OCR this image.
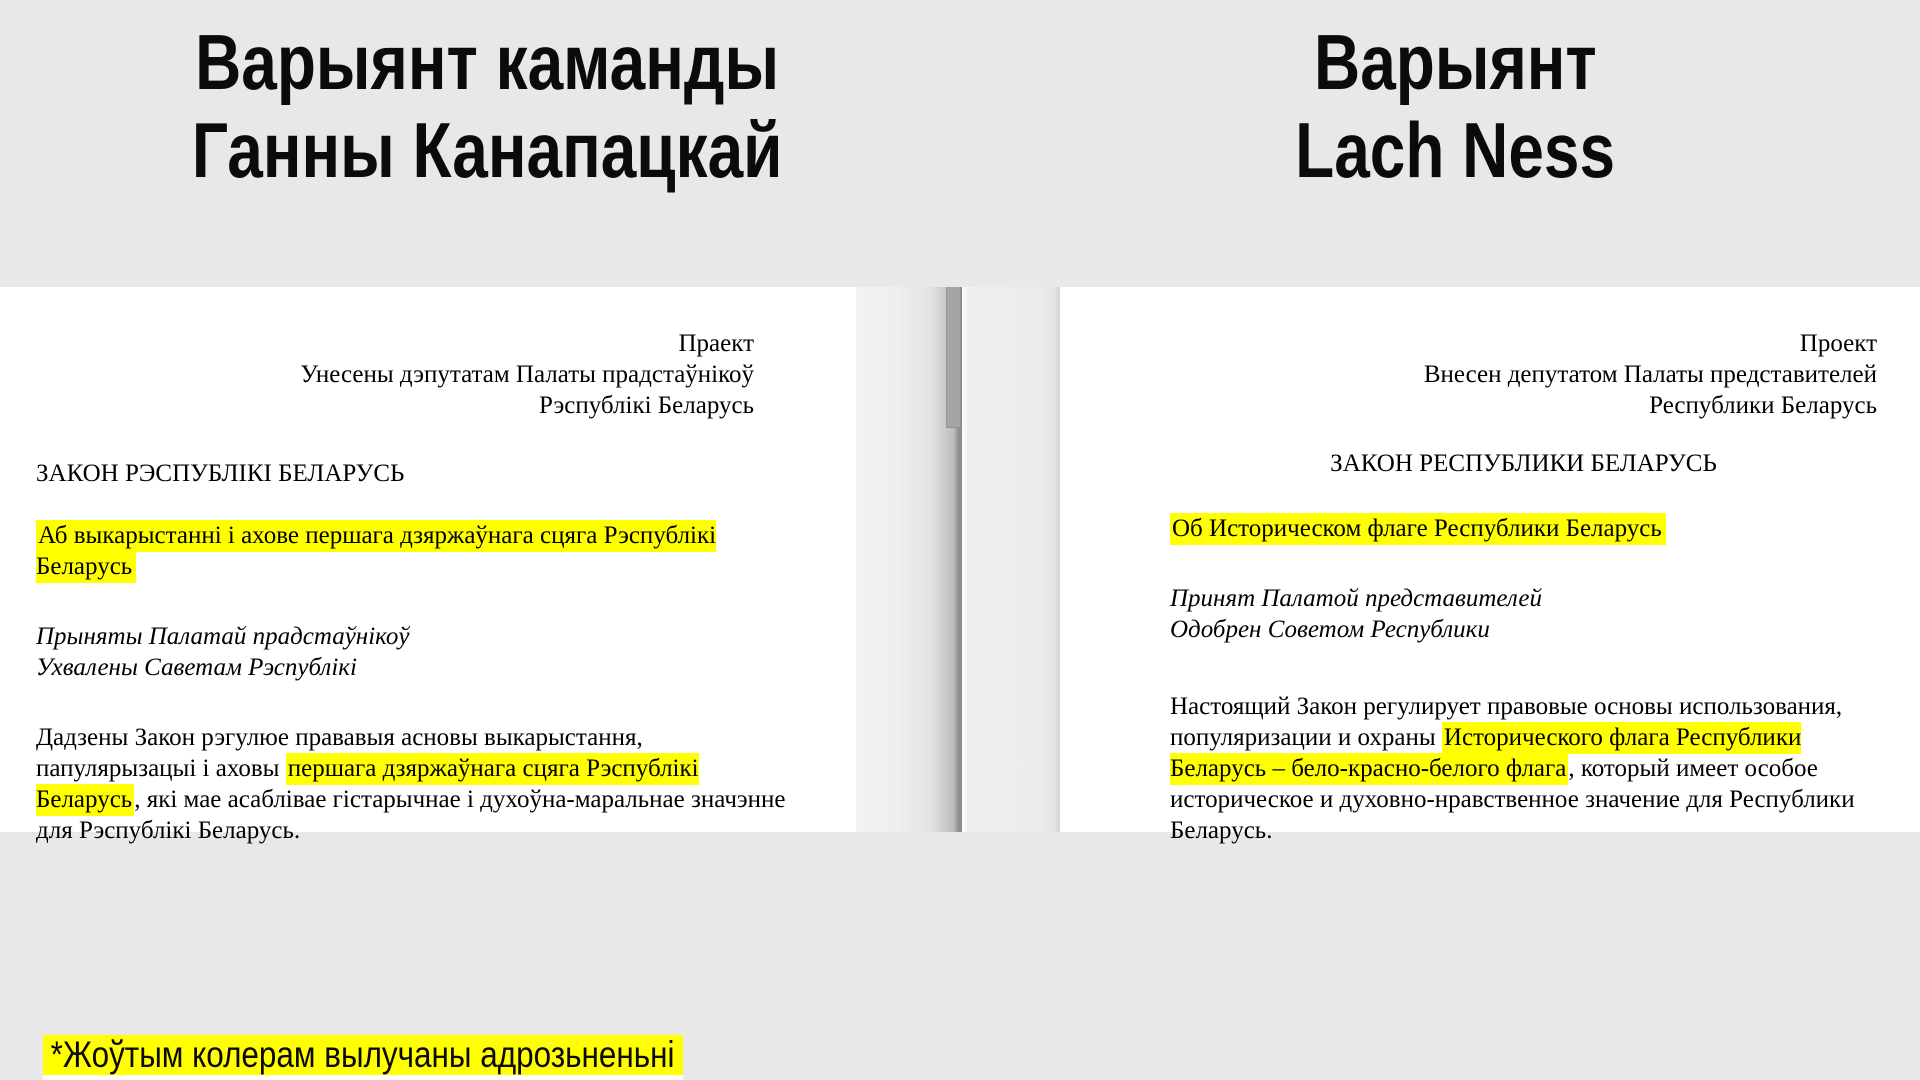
Варыянт каманды
Ганны Канапацкай
Варыянт
Lach Ness
Праект
Унесены дэпутатам Палаты прадстаўнікоў
Рэспублікі Беларусь
ЗАКОН РЭСПУБЛІКІ БЕЛАРУСЬ
Аб выкарыстанні і ахове першага дзяржаўнага сцяга Рэспублікі Беларусь
Прыняты Палатай прадстаўнікоў
Ухвалены Саветам Рэспублікі
Дадзены Закон рэгулюе прававыя асновы выкарыстання, папулярызацыі і аховы першага дзяржаўнага сцяга Рэспублікі Беларусь, які мае асаблівае гістарычнае і духоўна-маральнае значэнне для Рэспублікі Беларусь.
Проект
Внесен депутатом Палаты представителей
Республики Беларусь
ЗАКОН РЕСПУБЛИКИ БЕЛАРУСЬ
Об Историческом флаге Республики Беларусь
Принят Палатой представителей
Одобрен Советом Республики
Настоящий Закон регулирует правовые основы использования, популяризации и охраны Исторического флага Республики Беларусь – бело-красно-белого флага, который имеет особое историческое и духовно-нравственное значение для Республики Беларусь.
*Жоўтым колерам вылучаны адрозьненьні
